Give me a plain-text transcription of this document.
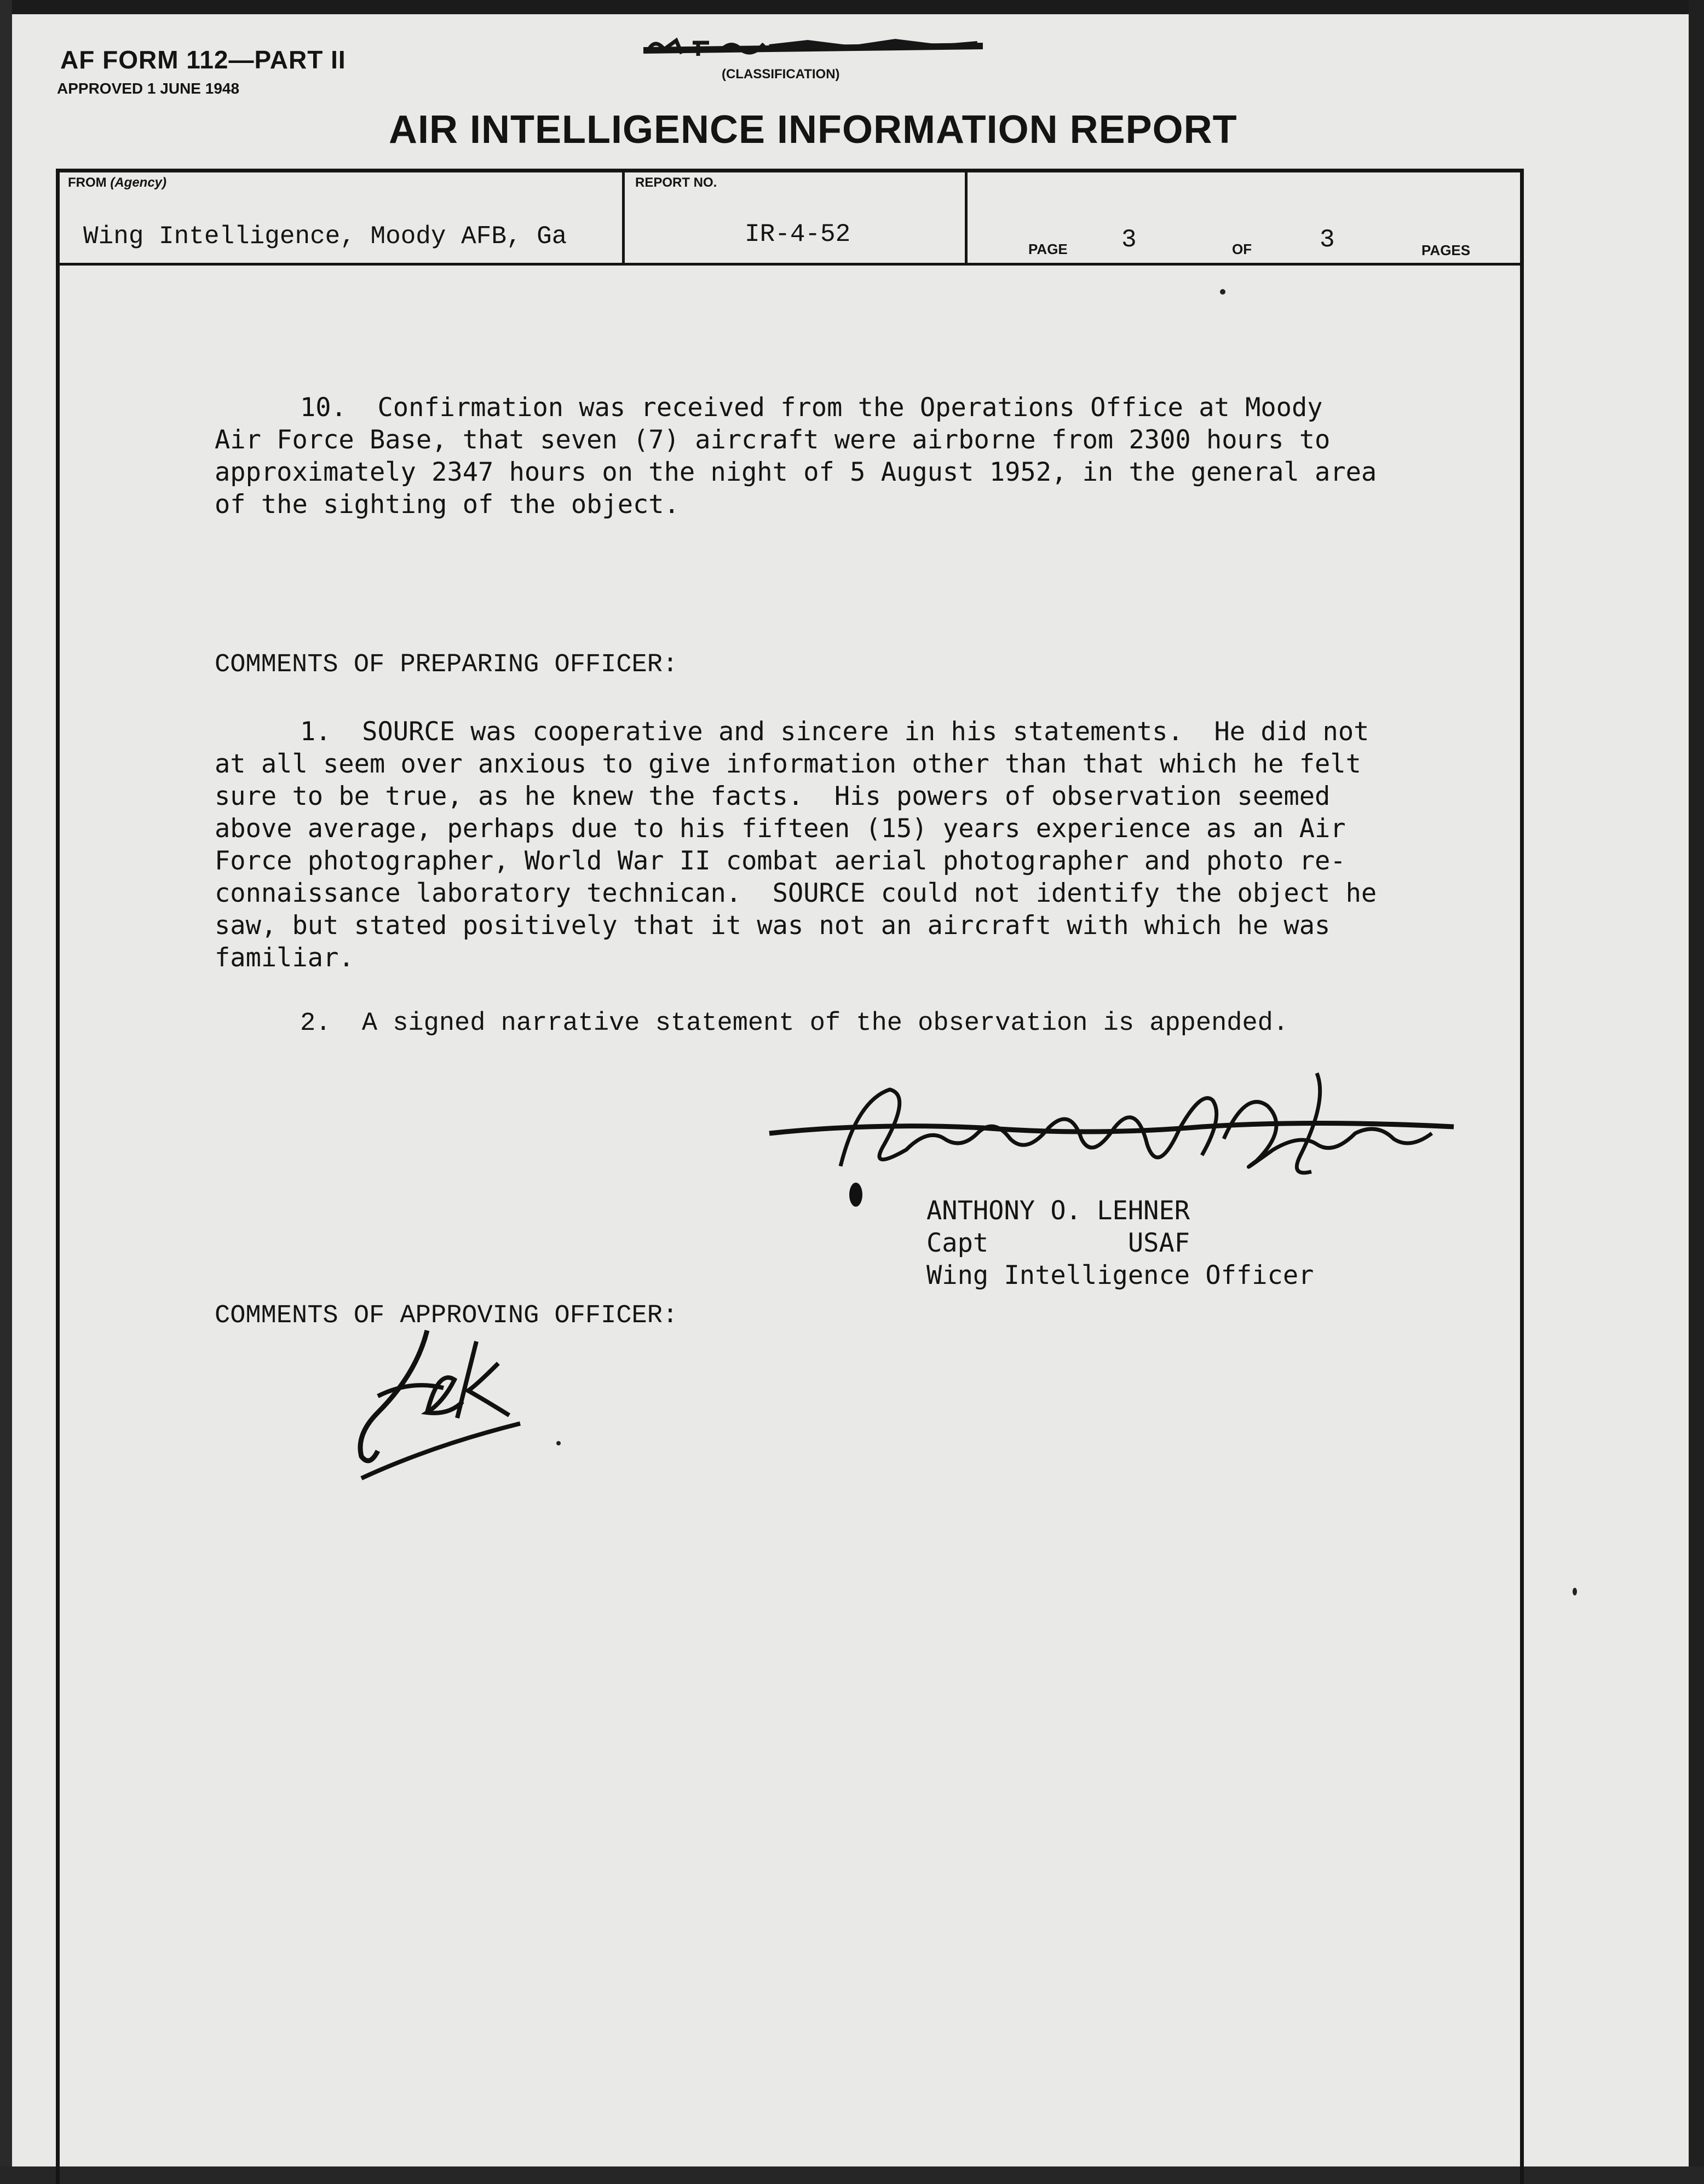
AF FORM 112—PART II
APPROVED 1 JUNE 1948
(CLASSIFICATION)
AIR INTELLIGENCE INFORMATION REPORT
FROM (Agency)
Wing Intelligence, Moody AFB, Ga
REPORT NO.
IR-4-52
PAGE 3	OF	3	PAGES
10.  Confirmation was received from the Operations Office at Moody
Air Force Base, that seven (7) aircraft were airborne from 2300 hours to
approximately 2347 hours on the night of 5 August 1952, in the general area
of the sighting of the object.
COMMENTS OF PREPARING OFFICER:
1.  SOURCE was cooperative and sincere in his statements.  He did not
at all seem over anxious to give information other than that which he felt
sure to be true, as he knew the facts.  His powers of observation seemed
above average, perhaps due to his fifteen (15) years experience as an Air
Force photographer, World War II combat aerial photographer and photo re-
connaissance laboratory technican.  SOURCE could not identify the object he
saw, but stated positively that it was not an aircraft with which he was
familiar.
2.  A signed narrative statement of the observation is appended.
ANTHONY O. LEHNER
Capt         USAF
Wing Intelligence Officer
COMMENTS OF APPROVING OFFICER:
